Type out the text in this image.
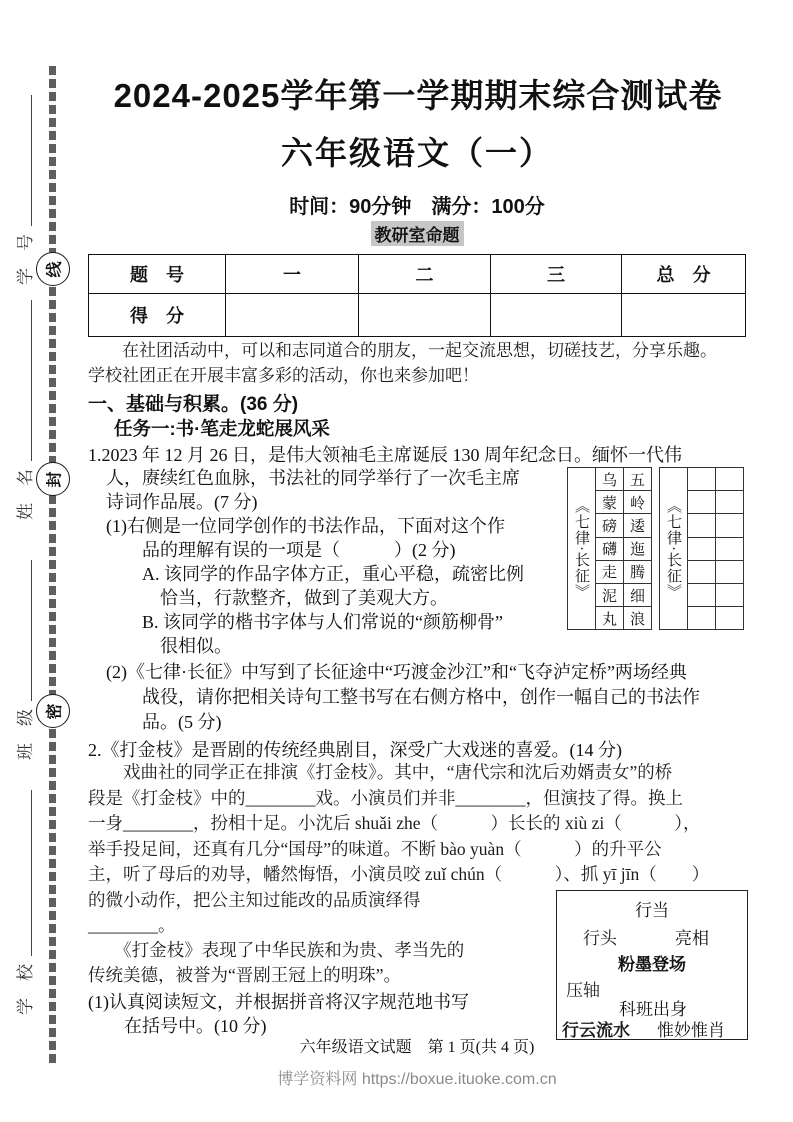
线
封
密
学　号
姓　名
班　级
学　校
2024-2025学年第一学期期末综合测试卷
六年级语文（一）
时间：90分钟　满分：100分
教研室命题
题　号	一	二	三	总　分
得　分				
　　在社团活动中，可以和志同道合的朋友，一起交流思想，切磋技艺，分享乐趣。
学校社团正在开展丰富多彩的活动，你也来参加吧！
一、基础与积累。(36 分)
任务一:书·笔走龙蛇展风采
1.2023 年 12 月 26 日，是伟大领袖毛主席诞辰 130 周年纪念日。缅怀一代伟
　人，赓续红色血脉，书法社的同学举行了一次毛主席
　诗词作品展。(7 分)
　(1)右侧是一位同学创作的书法作品，下面对这个作
　　　品的理解有误的一项是（　　　）(2 分)
　　　A. 该同学的作品字体方正，重心平稳，疏密比例
　　　　恰当，行款整齐，做到了美观大方。
　　　B. 该同学的楷书字体与人们常说的“颜筋柳骨”
　　　　很相似。
《七律·长征》
乌
蒙
磅
礴
走
泥
丸
五
岭
逶
迤
腾
细
浪
《七律·长征》
　(2)《七律·长征》中写到了长征途中“巧渡金沙江”和“飞夺泸定桥”两场经典
　　　战役，请你把相关诗句工整书写在右侧方格中，创作一幅自己的书法作
　　　品。(5 分)
2.《打金枝》是晋剧的传统经典剧目，深受广大戏迷的喜爱。(14 分)
　　戏曲社的同学正在排演《打金枝》。其中，“唐代宗和沈后劝婿责女”的桥
段是《打金枝》中的________戏。小演员们并非________，但演技了得。换上
一身________，扮相十足。小沈后 shuǎi zhe（　　　）长长的 xiù zi（　　　），
举手投足间，还真有几分“国母”的味道。不断 bào yuàn（　　　）的升平公
主，听了母后的劝导，幡然悔悟，小演员咬 zuǐ chún（　　　）、抓 yī jīn（　　）
的微小动作，把公主知过能改的品质演绎得
________。
　　《打金枝》表现了中华民族和为贵、孝当先的
传统美德，被誉为“晋剧王冠上的明珠”。
(1)认真阅读短文，并根据拼音将汉字规范地书写
　　在括号中。(10 分)
行当
行头	亮相
粉墨登场
压轴
科班出身
行云流水 惟妙惟肖
六年级语文试题　第 1 页(共 4 页)
博学资料网 https://boxue.ituoke.com.cn
